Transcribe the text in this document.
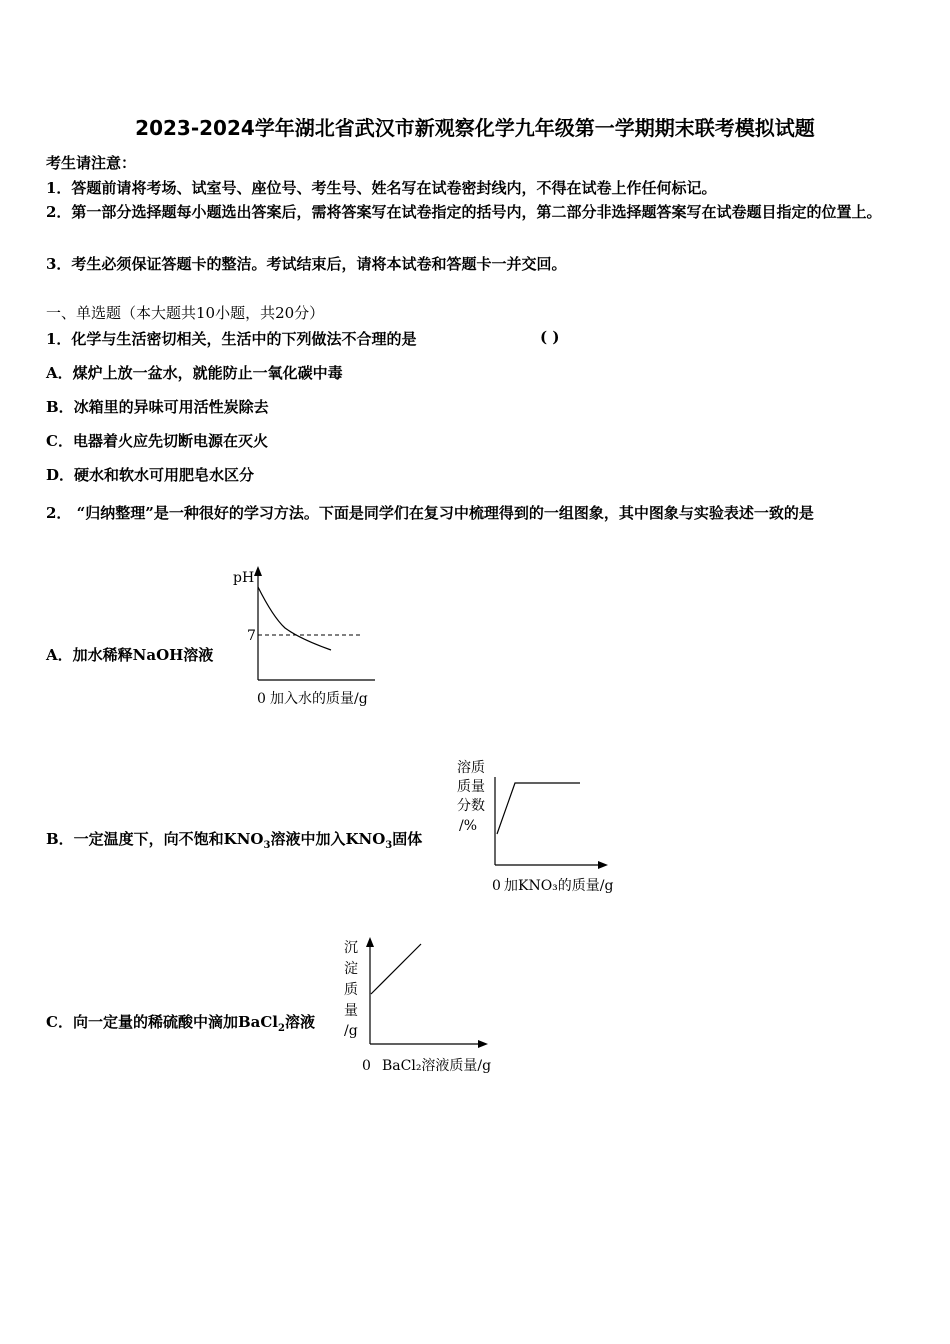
2023-2024学年湖北省武汉市新观察化学九年级第一学期期末联考模拟试题
考生请注意：
1．答题前请将考场、试室号、座位号、考生号、姓名写在试卷密封线内，不得在试卷上作任何标记。
2．第一部分选择题每小题选出答案后，需将答案写在试卷指定的括号内，第二部分非选择题答案写在试卷题目指定的位置上。
3．考生必须保证答题卡的整洁。考试结束后，请将本试卷和答题卡一并交回。
一、单选题（本大题共10小题，共20分）
1．化学与生活密切相关，生活中的下列做法不合理的是	( )
A．煤炉上放一盆水，就能防止一氧化碳中毒
B．冰箱里的异味可用活性炭除去
C．电器着火应先切断电源在灭火
D．硬水和软水可用肥皂水区分
2． “归纳整理”是一种很好的学习方法。下面是同学们在复习中梳理得到的一组图象，其中图象与实验表述一致的是
A．加水稀释NaOH溶液
pH
7
0 加入水的质量/g
B．一定温度下，向不饱和$KNO_3$溶液中加入$KNO_3$固体
溶质
质量
分数
/%
0 加KNO₃的质量/g
C．向一定量的稀硫酸中滴加BaCl$_2$溶液
沉
淀
质
量
/g
0 BaCl₂溶液质量/g
